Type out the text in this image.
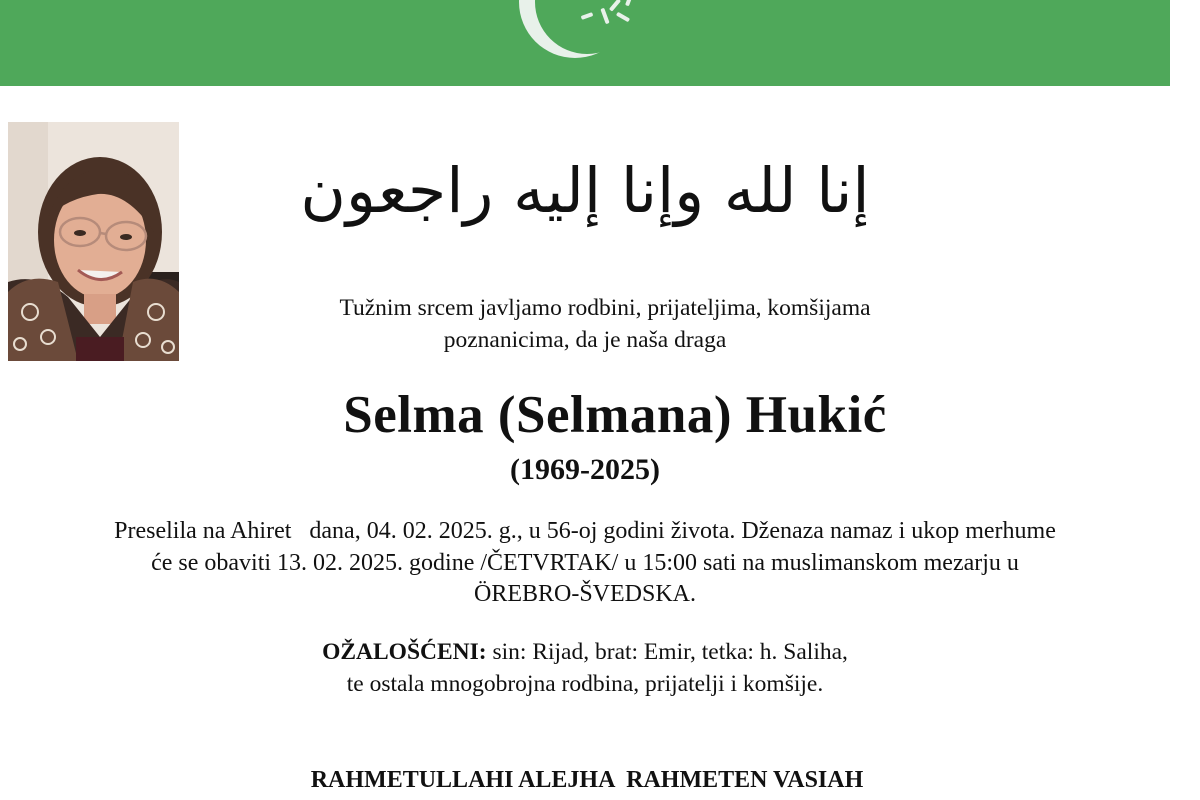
إنا لله وإنا إليه راجعون
Tužnim srcem javljamo rodbini, prijateljima, komšijama
poznanicima, da je naša draga
Selma (Selmana) Hukić
(1969-2025)
Preselila na Ahiret   dana, 04. 02. 2025. g., u 56-oj godini života. Dženaza namaz i ukop merhume
će se obaviti 13. 02. 2025. godine /ČETVRTAK/ u 15:00 sati na muslimanskom mezarju u
ÖREBRO-ŠVEDSKA.
OŽALOŠĆENI: sin: Rijad, brat: Emir, tetka: h. Saliha,
te ostala mnogobrojna rodbina, prijatelji i komšije.
RAHMETULLAHI ALEJHA  RAHMETEN VASIAH
